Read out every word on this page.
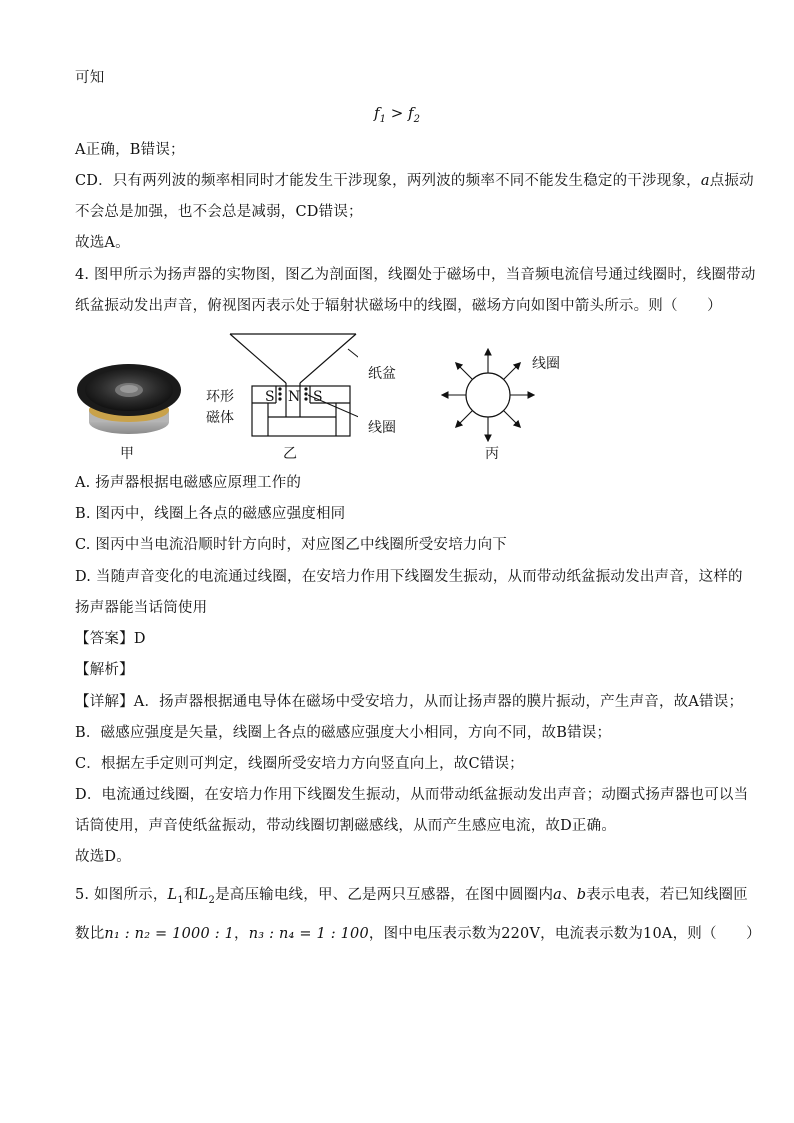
可知
$f_1 > f_2$
A正确，B错误；
CD．只有两列波的频率相同时才能发生干涉现象，两列波的频率不同不能发生稳定的干涉现象，a点振动
不会总是加强，也不会总是减弱，CD错误；
故选A。
4. 图甲所示为扬声器的实物图，图乙为剖面图，线圈处于磁场中，当音频电流信号通过线圈时，线圈带动
纸盆振动发出声音，俯视图丙表示处于辐射状磁场中的线圈，磁场方向如图中箭头所示。则（　　）
S N S
纸盆
环形
磁体
线圈
线圈
甲	乙	丙
A. 扬声器根据电磁感应原理工作的
B. 图丙中，线圈上各点的磁感应强度相同
C. 图丙中当电流沿顺时针方向时，对应图乙中线圈所受安培力向下
D. 当随声音变化的电流通过线圈，在安培力作用下线圈发生振动，从而带动纸盆振动发出声音，这样的
扬声器能当话筒使用
【答案】D
【解析】
【详解】A．扬声器根据通电导体在磁场中受安培力，从而让扬声器的膜片振动，产生声音，故A错误；
B．磁感应强度是矢量，线圈上各点的磁感应强度大小相同，方向不同，故B错误；
C．根据左手定则可判定，线圈所受安培力方向竖直向上，故C错误；
D．电流通过线圈，在安培力作用下线圈发生振动，从而带动纸盆振动发出声音；动圈式扬声器也可以当
话筒使用，声音使纸盆振动，带动线圈切割磁感线，从而产生感应电流，故D正确。
故选D。
5. 如图所示，$L_1$和$L_2$是高压输电线，甲、乙是两只互感器，在图中圆圈内a、b表示电表，若已知线圈匝
数比n₁ : n₂ = 1000 : 1，n₃ : n₄ = 1 : 100，图中电压表示数为220V，电流表示数为10A，则（　　）
